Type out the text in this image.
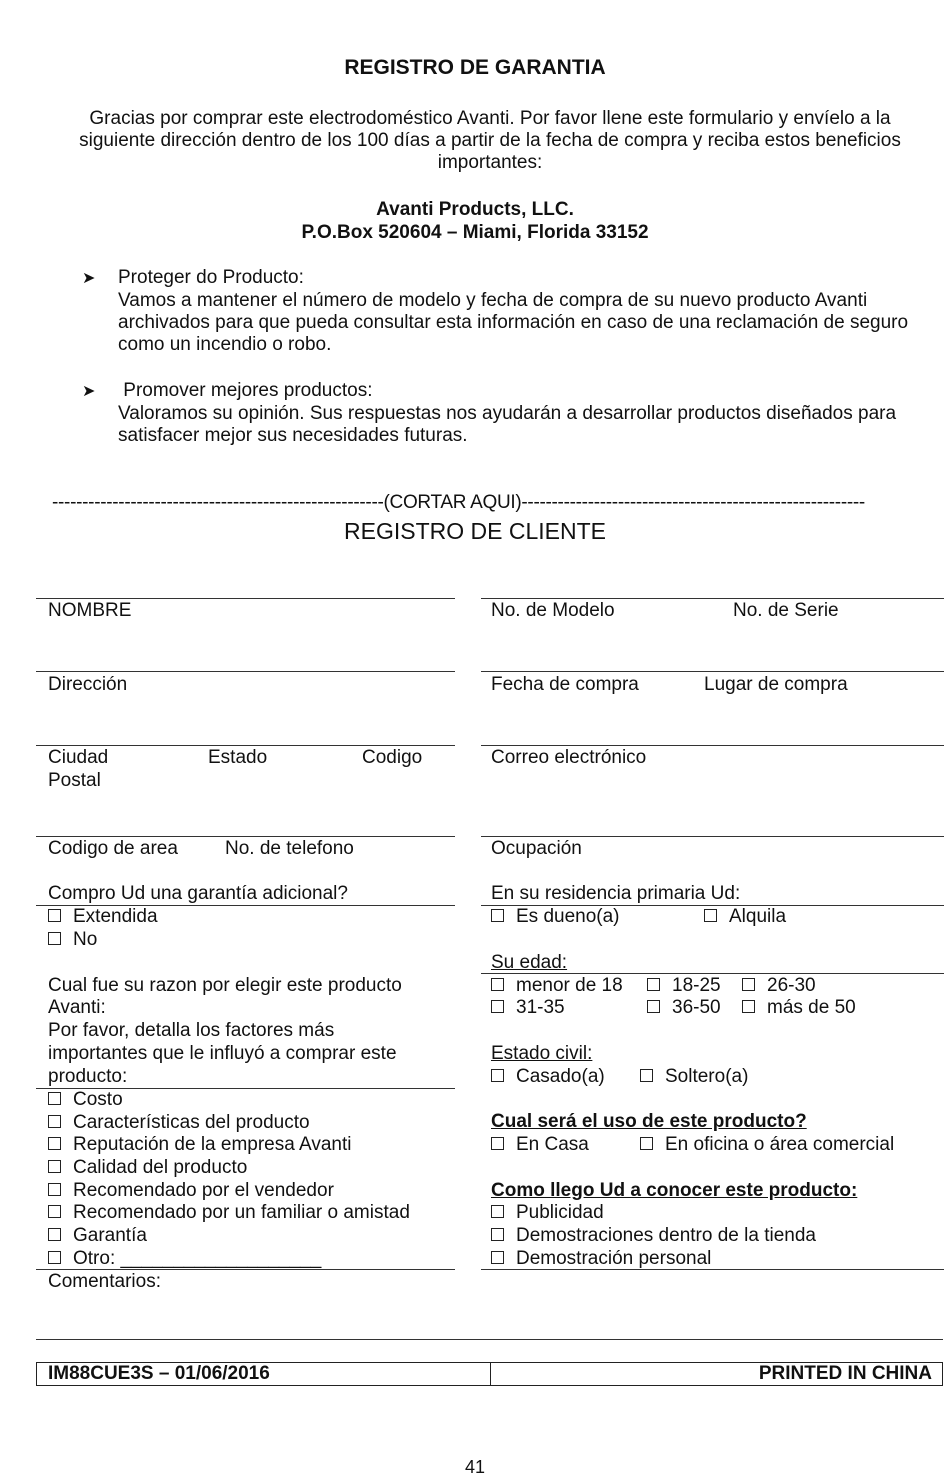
REGISTRO DE GARANTIA
Gracias por comprar este electrodoméstico Avanti. Por favor llene este formulario y envíelo a la siguiente dirección dentro de los 100 días a partir de la fecha de compra y reciba estos beneficios importantes:
Avanti Products, LLC.
P.O.Box 520604 – Miami, Florida 33152
➤ Proteger do Producto:
Vamos a mantener el número de modelo y fecha de compra de su nuevo producto Avanti archivados para que pueda consultar esta información en caso de una reclamación de seguro como un incendio o robo.
➤ Promover mejores productos:
Valoramos su opinión. Sus respuestas nos ayudarán a desarrollar productos diseñados para satisfacer mejor sus necesidades futuras.
-------------------------------------------------------(CORTAR AQUI)---------------------------------------------------------
REGISTRO DE CLIENTE
NOMBRE
Dirección
Ciudad	Estado	Codigo
Postal
Codigo de area No. de telefono
Compro Ud una garantía adicional?
Extendida
No
Cual fue su razon por elegir este producto
Avanti:
Por favor, detalla los factores más
importantes que le influyó a comprar este
producto:
Costo
Características del producto
Reputación de la empresa Avanti
Calidad del producto
Recomendado por el vendedor
Recomendado por un familiar o amistad
Garantía
Otro: ___________________
Comentarios:
No. de Modelo	No. de Serie
Fecha de compra	Lugar de compra
Correo electrónico
Ocupación
En su residencia primaria Ud:
Es dueno(a)	Alquila
Su edad:
menor de 18	18-25	26-30
31-35	36-50	más de 50
Estado civil:
Casado(a)	Soltero(a)
Cual será el uso de este producto?
En Casa	En oficina o área comercial
Como llego Ud a conocer este producto:
Publicidad
Demostraciones dentro de la tienda
Demostración personal
IM88CUE3S – 01/06/2016	PRINTED IN CHINA
41
